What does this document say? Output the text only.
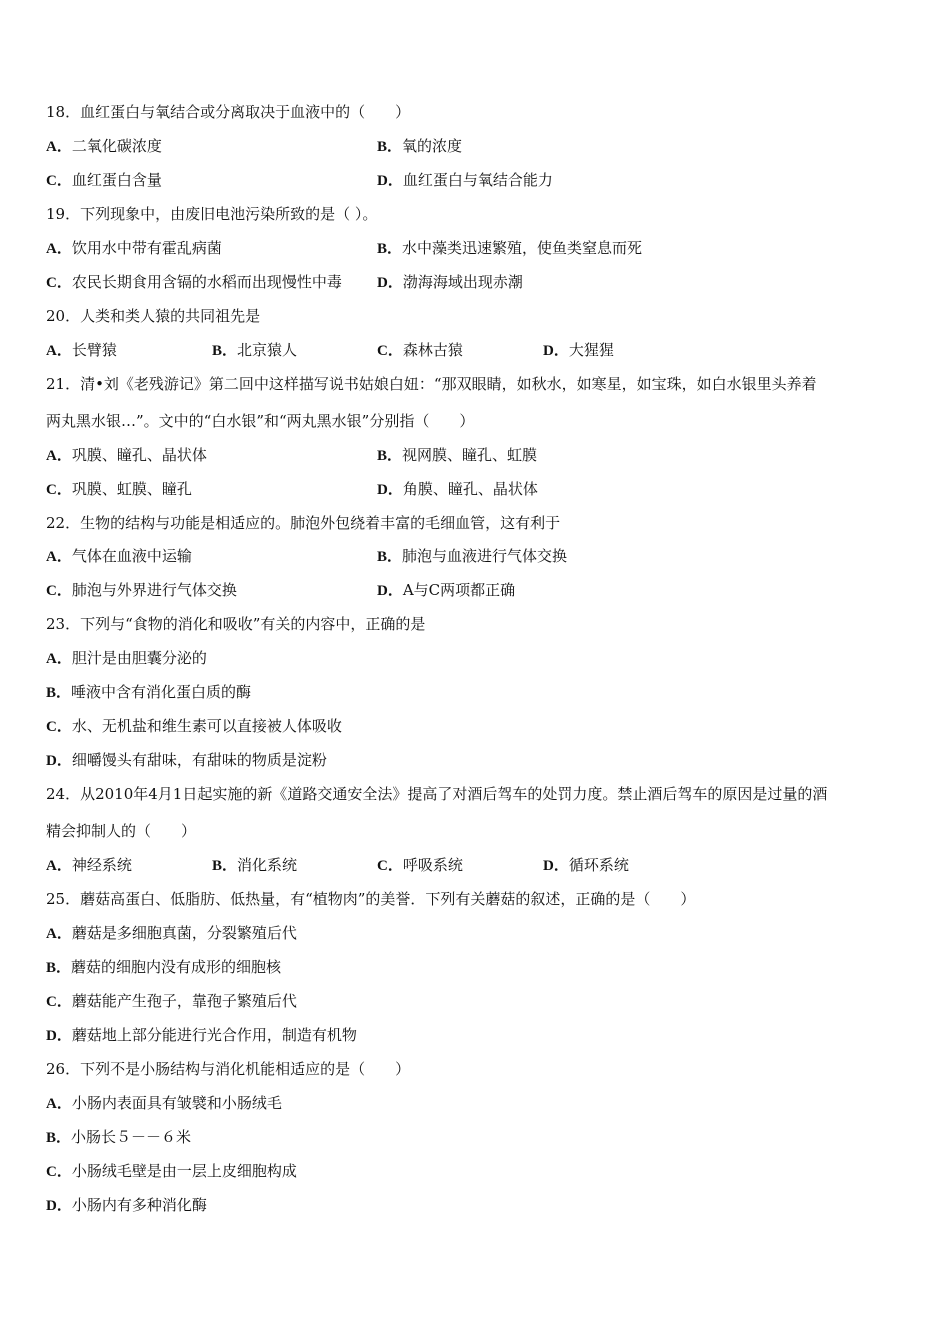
18．血红蛋白与氧结合或分离取决于血液中的（　　）
A．二氧化碳浓度	B．氧的浓度
C．血红蛋白含量	D．血红蛋白与氧结合能力
19．下列现象中，由废旧电池污染所致的是（ ）。
A．饮用水中带有霍乱病菌	B．水中藻类迅速繁殖，使鱼类窒息而死
C．农民长期食用含镉的水稻而出现慢性中毒 D．渤海海域出现赤潮
20．人类和类人猿的共同祖先是
A．长臂猿	B．北京猿人	C．森林古猿	D．大猩猩
21．清•刘《老残游记》第二回中这样描写说书姑娘白妞：“那双眼睛，如秋水，如寒星，如宝珠，如白水银里头养着
两丸黑水银…”。文中的“白水银”和“两丸黑水银”分别指（　　）
A．巩膜、瞳孔、晶状体	B．视网膜、瞳孔、虹膜
C．巩膜、虹膜、瞳孔	D．角膜、瞳孔、晶状体
22．生物的结构与功能是相适应的。肺泡外包绕着丰富的毛细血管，这有利于
A．气体在血液中运输	B．肺泡与血液进行气体交换
C．肺泡与外界进行气体交换	D．A与C两项都正确
23．下列与“食物的消化和吸收”有关的内容中，正确的是
A．胆汁是由胆囊分泌的
B．唾液中含有消化蛋白质的酶
C．水、无机盐和维生素可以直接被人体吸收
D．细嚼馒头有甜味，有甜味的物质是淀粉
24．从2010年4月1日起实施的新《道路交通安全法》提高了对酒后驾车的处罚力度。禁止酒后驾车的原因是过量的酒
精会抑制人的（　　）
A．神经系统	B．消化系统	C．呼吸系统	D．循环系统
25．蘑菇高蛋白、低脂肪、低热量，有“植物肉”的美誉．下列有关蘑菇的叙述，正确的是（　　）
A．蘑菇是多细胞真菌，分裂繁殖后代
B．蘑菇的细胞内没有成形的细胞核
C．蘑菇能产生孢子，靠孢子繁殖后代
D．蘑菇地上部分能进行光合作用，制造有机物
26．下列不是小肠结构与消化机能相适应的是（　　）
A．小肠内表面具有皱襞和小肠绒毛
B．小肠长５－－６米
C．小肠绒毛壁是由一层上皮细胞构成
D．小肠内有多种消化酶
